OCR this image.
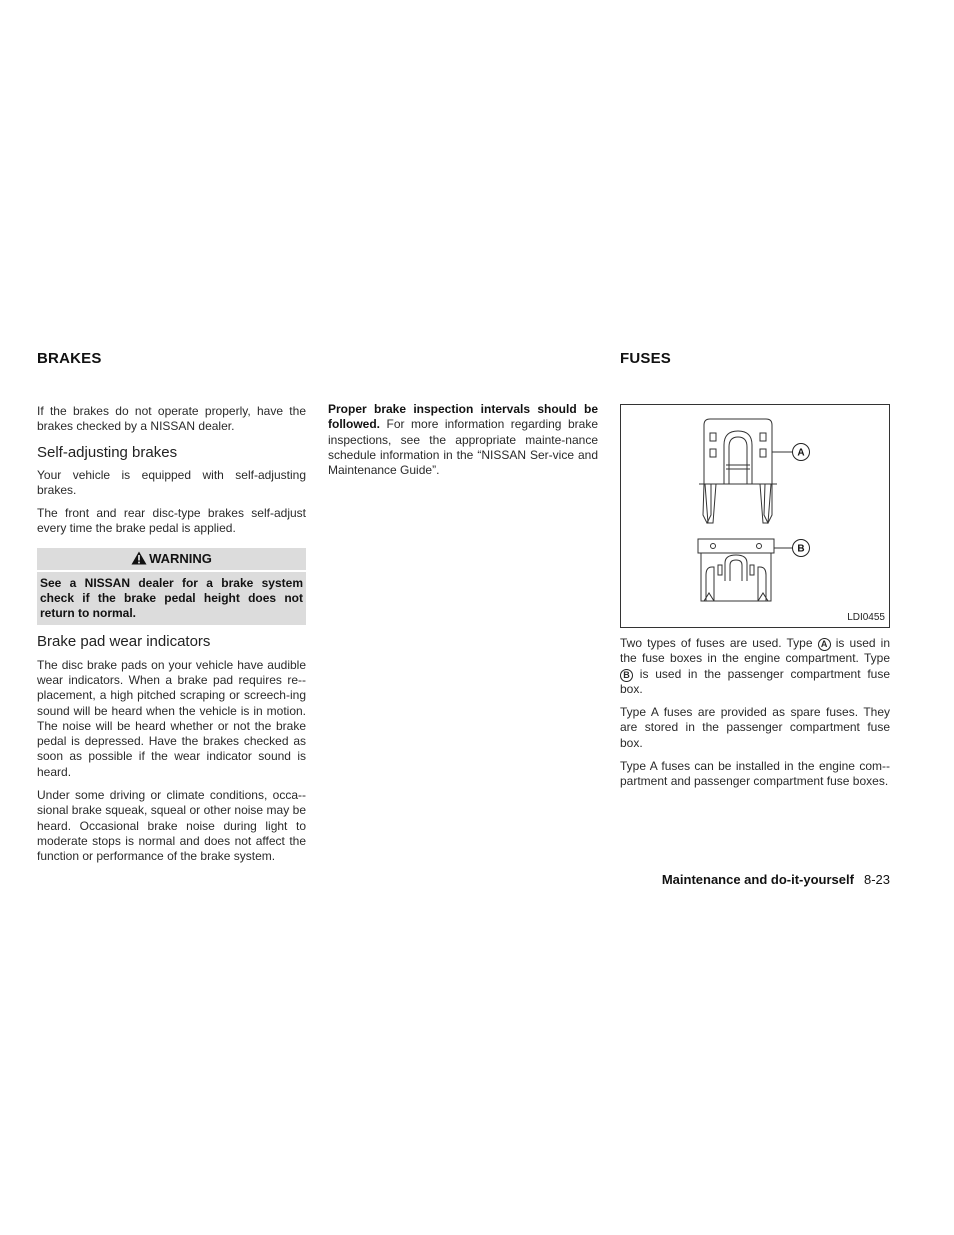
BRAKES

If the brakes do not operate properly, have the brakes checked by a NISSAN dealer.

Self-adjusting brakes

Your vehicle is equipped with self-adjusting brakes.

The front and rear disc-type brakes self-adjust every time the brake pedal is applied.

WARNING
See a NISSAN dealer for a brake system check if the brake pedal height does not return to normal.
Brake pad wear indicators

The disc brake pads on your vehicle have audible wear indicators. When a brake pad requires re-placement, a high pitched scraping or screech-ing sound will be heard when the vehicle is in motion. The noise will be heard whether or not the brake pedal is depressed. Have the brakes checked as soon as possible if the wear indicator sound is heard.

Under some driving or climate conditions, occa-sional brake squeak, squeal or other noise may be heard. Occasional brake noise during light to moderate stops is normal and does not affect the function or performance of the brake system.

Proper brake inspection intervals should be followed. For more information regarding brake inspections, see the appropriate mainte-nance schedule information in the “NISSAN Ser-vice and Maintenance Guide”.

FUSES
A
B
LDI0455

Two types of fuses are used. Type A is used in the fuse boxes in the engine compartment. Type B is used in the passenger compartment fuse box.

Type A fuses are provided as spare fuses. They are stored in the passenger compartment fuse box.

Type A fuses can be installed in the engine com-partment and passenger compartment fuse boxes.

Maintenance and do-it-yourself 8-23
